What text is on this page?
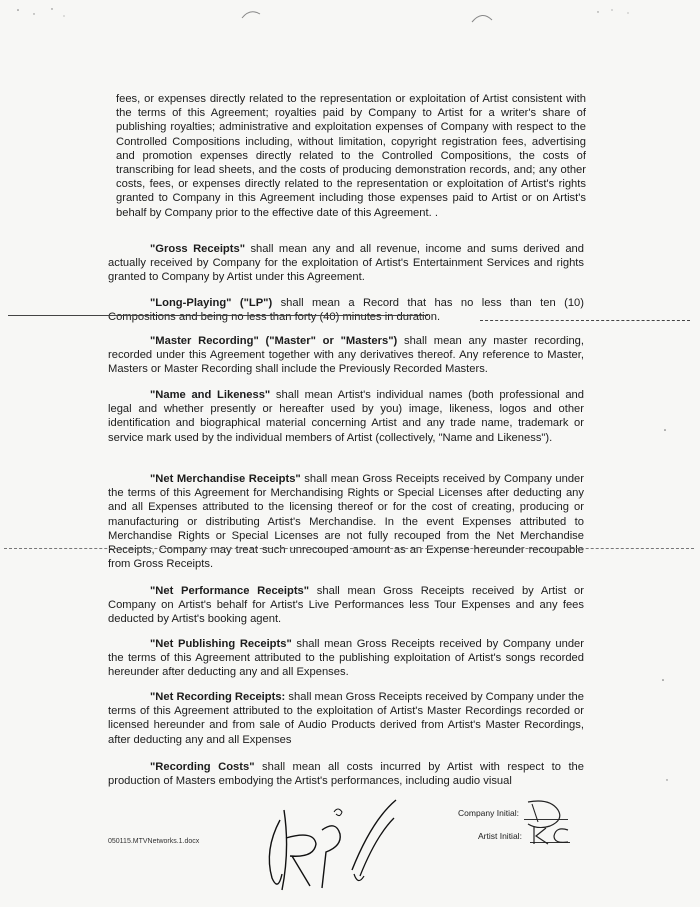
fees, or expenses directly related to the representation or exploitation of Artist consistent with the terms of this Agreement; royalties paid by Company to Artist for a writer's share of publishing royalties; administrative and exploitation expenses of Company with respect to the Controlled Compositions including, without limitation, copyright registration fees, advertising and promotion expenses directly related to the Controlled Compositions, the costs of transcribing for lead sheets, and the costs of producing demonstration records, and; any other costs, fees, or expenses directly related to the representation or exploitation of Artist's rights granted to Company in this Agreement including those expenses paid to Artist or on Artist's behalf by Company prior to the effective date of this Agreement. .

"Gross Receipts" shall mean any and all revenue, income and sums derived and actually received by Company for the exploitation of Artist's Entertainment Services and rights granted to Company by Artist under this Agreement.

"Long-Playing" ("LP") shall mean a Record that has no less than ten (10) Compositions and being no less than forty (40) minutes in duration.

"Master Recording" ("Master" or "Masters") shall mean any master recording, recorded under this Agreement together with any derivatives thereof. Any reference to Master, Masters or Master Recording shall include the Previously Recorded Masters.

"Name and Likeness" shall mean Artist's individual names (both professional and legal and whether presently or hereafter used by you) image, likeness, logos and other identification and biographical material concerning Artist and any trade name, trademark or service mark used by the individual members of Artist (collectively, "Name and Likeness").

"Net Merchandise Receipts" shall mean Gross Receipts received by Company under the terms of this Agreement for Merchandising Rights or Special Licenses after deducting any and all Expenses attributed to the licensing thereof or for the cost of creating, producing or manufacturing or distributing Artist's Merchandise. In the event Expenses attributed to Merchandise Rights or Special Licenses are not fully recouped from the Net Merchandise Receipts, Company may treat such unrecouped amount as an Expense hereunder recoupable from Gross Receipts.

"Net Performance Receipts" shall mean Gross Receipts received by Artist or Company on Artist's behalf for Artist's Live Performances less Tour Expenses and any fees deducted by Artist's booking agent.

"Net Publishing Receipts" shall mean Gross Receipts received by Company under the terms of this Agreement attributed to the publishing exploitation of Artist's songs recorded hereunder after deducting any and all Expenses.

"Net Recording Receipts: shall mean Gross Receipts received by Company under the terms of this Agreement attributed to the exploitation of Artist's Master Recordings recorded or licensed hereunder and from sale of Audio Products derived from Artist's Master Recordings, after deducting any and all Expenses

"Recording Costs" shall mean all costs incurred by Artist with respect to the production of Masters embodying the Artist's performances, including audio visual

050115.MTVNetworks.1.docx
Company Initial:
Artist Initial:
